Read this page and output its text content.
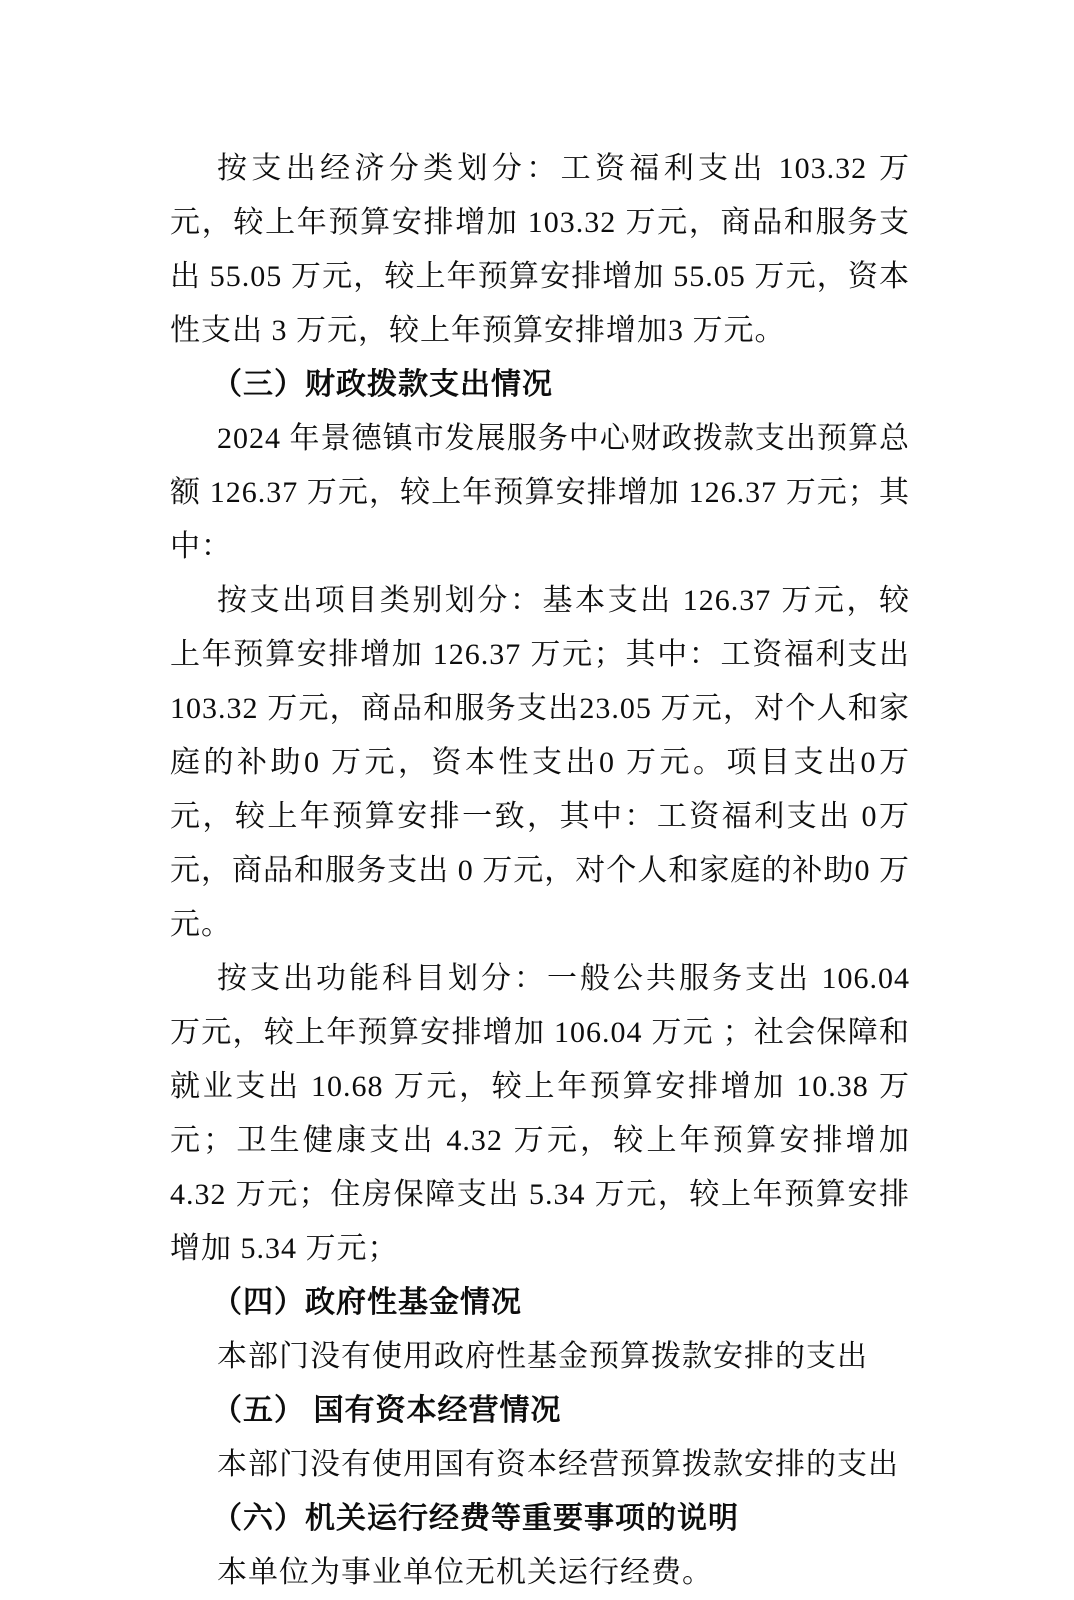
按支出经济分类划分：工资福利支出 103.32 万元，较上年预算安排增加 103.32 万元，商品和服务支出 55.05 万元，较上年预算安排增加 55.05 万元，资本性支出 3 万元，较上年预算安排增加3 万元。

（三）财政拨款支出情况

2024 年景德镇市发展服务中心财政拨款支出预算总额 126.37 万元，较上年预算安排增加 126.37 万元；其中：

按支出项目类别划分：基本支出 126.37 万元，较上年预算安排增加 126.37 万元；其中：工资福利支出 103.32 万元，商品和服务支出23.05 万元，对个人和家庭的补助0 万元，资本性支出0 万元。项目支出0万元，较上年预算安排一致，其中：工资福利支出 0万元，商品和服务支出 0 万元，对个人和家庭的补助0 万元。

按支出功能科目划分：一般公共服务支出 106.04 万元，较上年预算安排增加 106.04 万元 ；社会保障和就业支出 10.68 万元，较上年预算安排增加 10.38 万元；卫生健康支出 4.32 万元，较上年预算安排增加4.32 万元；住房保障支出 5.34 万元，较上年预算安排增加 5.34 万元；

（四）政府性基金情况

本部门没有使用政府性基金预算拨款安排的支出

（五） 国有资本经营情况

本部门没有使用国有资本经营预算拨款安排的支出

（六）机关运行经费等重要事项的说明

本单位为事业单位无机关运行经费。
